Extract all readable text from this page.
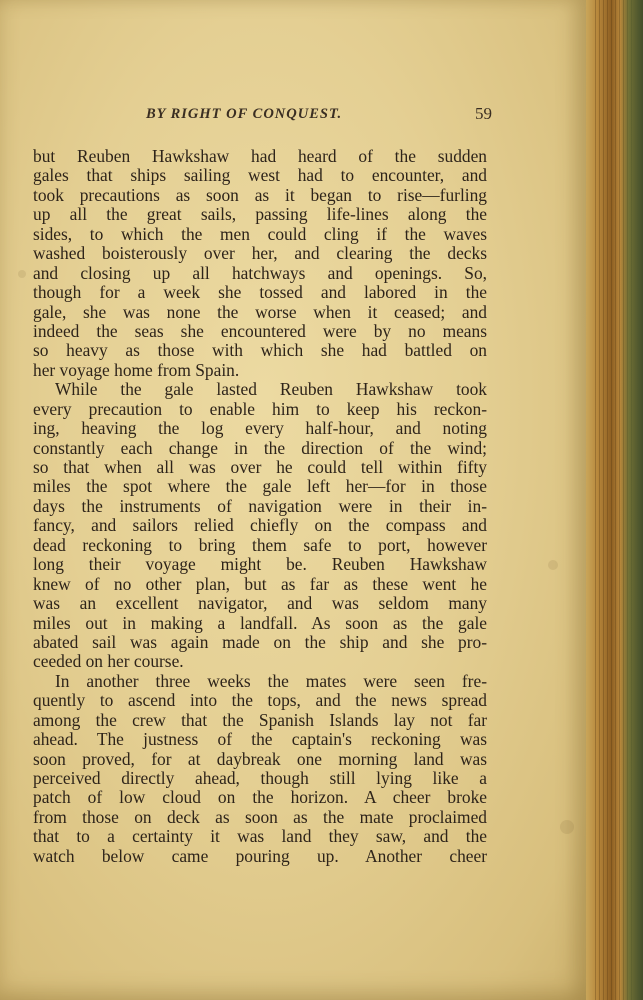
BY RIGHT OF CONQUEST.	59
but Reuben Hawkshaw had heard of the sudden
gales that ships sailing west had to encounter, and
took precautions as soon as it began to rise—furling
up all the great sails, passing life-lines along the
sides, to which the men could cling if the waves
washed boisterously over her, and clearing the decks
and closing up all hatchways and openings. So,
though for a week she tossed and labored in the
gale, she was none the worse when it ceased; and
indeed the seas she encountered were by no means
so heavy as those with which she had battled on
her voyage home from Spain.
While the gale lasted Reuben Hawkshaw took
every precaution to enable him to keep his reckon-
ing, heaving the log every half-hour, and noting
constantly each change in the direction of the wind;
so that when all was over he could tell within fifty
miles the spot where the gale left her—for in those
days the instruments of navigation were in their in-
fancy, and sailors relied chiefly on the compass and
dead reckoning to bring them safe to port, however
long their voyage might be. Reuben Hawkshaw
knew of no other plan, but as far as these went he
was an excellent navigator, and was seldom many
miles out in making a landfall. As soon as the gale
abated sail was again made on the ship and she pro-
ceeded on her course.
In another three weeks the mates were seen fre-
quently to ascend into the tops, and the news spread
among the crew that the Spanish Islands lay not far
ahead. The justness of the captain's reckoning was
soon proved, for at daybreak one morning land was
perceived directly ahead, though still lying like a
patch of low cloud on the horizon. A cheer broke
from those on deck as soon as the mate proclaimed
that to a certainty it was land they saw, and the
watch below came pouring up. Another cheer
